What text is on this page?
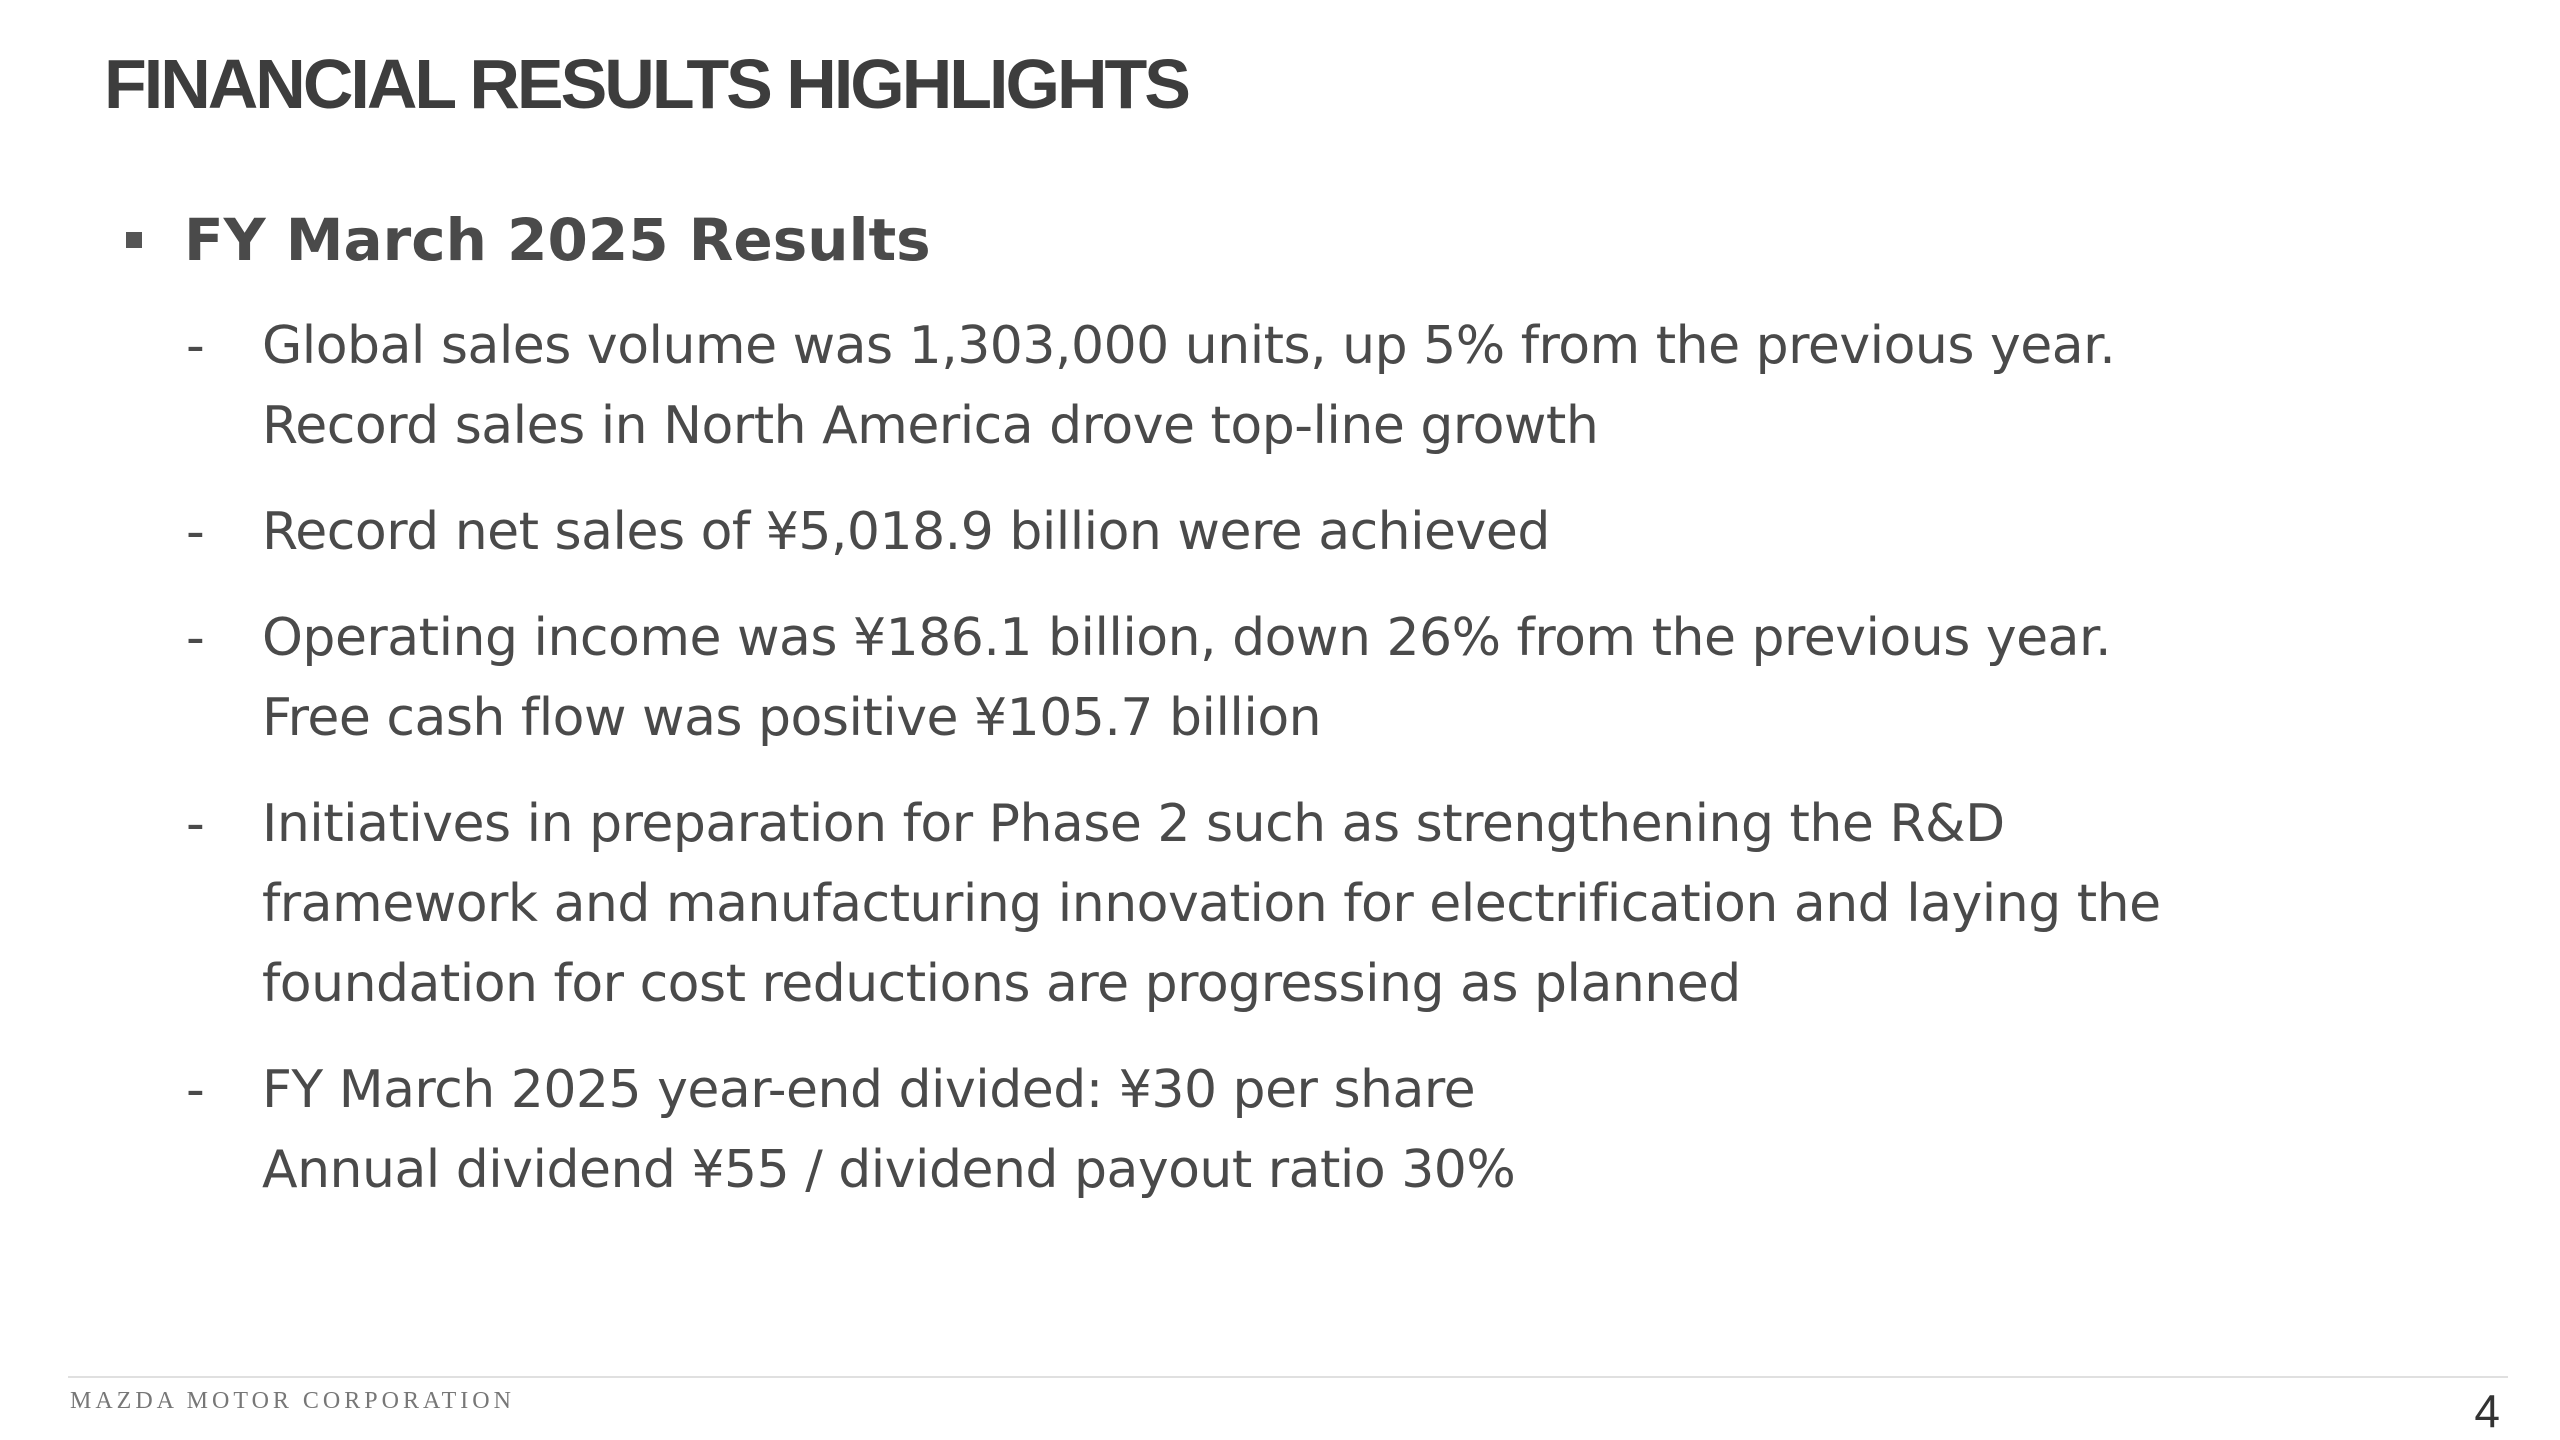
FINANCIAL RESULTS HIGHLIGHTS
FY March 2025 Results
-	Global sales volume was 1,303,000 units, up 5% from the previous year.
Record sales in North America drove top-line growth
-	Record net sales of ¥5,018.9 billion were achieved
-	Operating income was ¥186.1 billion, down 26% from the previous year.
Free cash flow was positive ¥105.7 billion
-	Initiatives in preparation for Phase 2 such as strengthening the R&D
framework and manufacturing innovation for electrification and laying the
foundation for cost reductions are progressing as planned
-	FY March 2025 year-end divided: ¥30 per share
Annual dividend ¥55 / dividend payout ratio 30%
MAZDA MOTOR CORPORATION	4
